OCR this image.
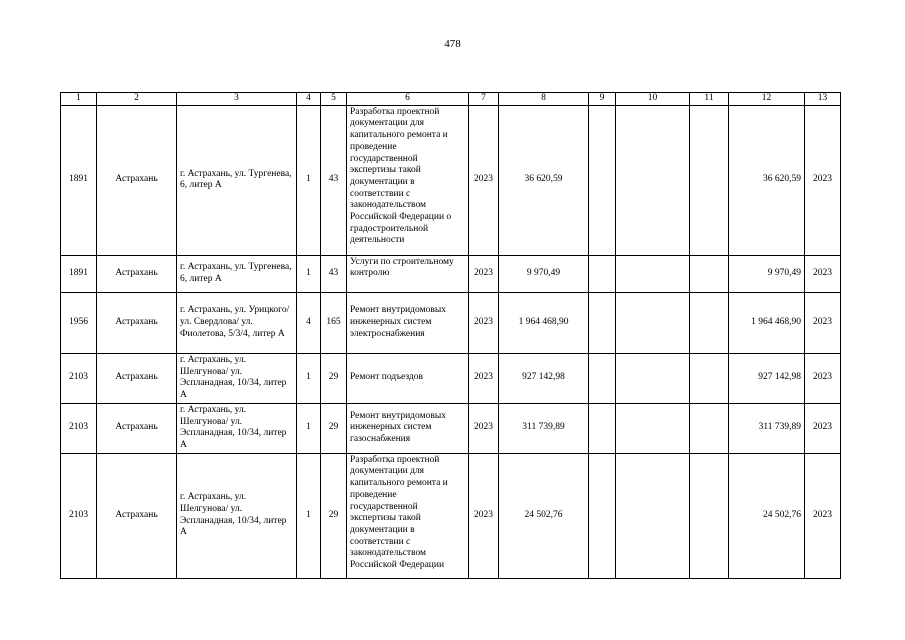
478
1	2	3	4	5	6	7	8	9	10	11	12	13
1891	Астрахань	г. Астрахань, ул. Тургенева, 6, литер А	1	43	Разработка проектной документации для капитального ремонта и проведение государственной экспертизы такой документации в соответствии с законодательством Российской Федерации о градостроительной деятельности	2023	36 620,59				36 620,59	2023
1891	Астрахань	г. Астрахань, ул. Тургенева, 6, литер А	1	43	Услуги по строительному контролю	2023	9 970,49				9 970,49	2023
1956	Астрахань	г. Астрахань, ул. Урицкого/ ул. Свердлова/ ул. Фиолетова, 5/3/4, литер А	4	165	Ремонт внутридомовых инженерных систем электроснабжения	2023	1 964 468,90				1 964 468,90	2023
2103	Астрахань	г. Астрахань, ул. Шелгунова/ ул. Эспланадная, 10/34, литер А	1	29	Ремонт подъездов	2023	927 142,98				927 142,98	2023
2103	Астрахань	г. Астрахань, ул. Шелгунова/ ул. Эспланадная, 10/34, литер А	1	29	Ремонт внутридомовых инженерных систем газоснабжения	2023	311 739,89				311 739,89	2023
2103	Астрахань	г. Астрахань, ул. Шелгунова/ ул. Эспланадная, 10/34, литер А	1	29	Разработка проектной документации для капитального ремонта и проведение государственной экспертизы такой документации в соответствии с законодательством Российской Федерации	2023	24 502,76				24 502,76	2023
